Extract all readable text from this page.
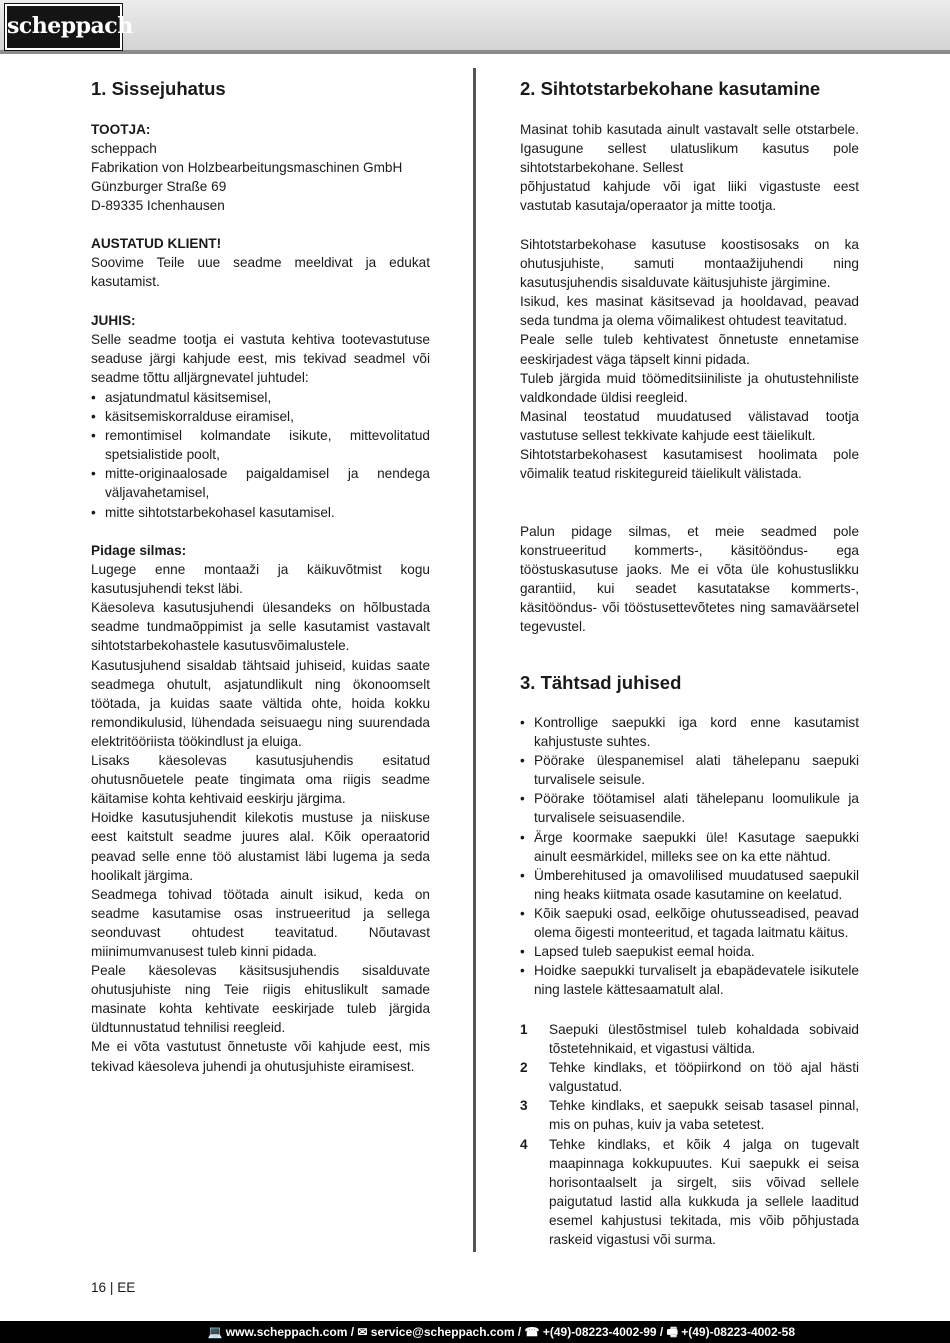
scheppach
1. Sissejuhatus

TOOTJA:
scheppach
Fabrikation von Holzbearbeitungsmaschinen GmbH
Günzburger Straße 69
D-89335 Ichenhausen

AUSTATUD KLIENT!
Soovime Teile uue seadme meeldivat ja edukat kasutamist.

JUHIS:
Selle seadme tootja ei vastuta kehtiva tootevastutuse seaduse järgi kahjude eest, mis tekivad seadmel või seadme tõttu alljärgnevatel juhtudel:

• asjatundmatul käsitsemisel,
• käsitsemiskorralduse eiramisel,
• remontimisel kolmandate isikute, mittevolitatud spetsialistide poolt,
• mitte-originaalosade paigaldamisel ja nendega väljavahetamisel,
• mitte sihtotstarbekohasel kasutamisel.

Pidage silmas:
Lugege enne montaaži ja käikuvõtmist kogu kasutusjuhendi tekst läbi.
Käesoleva kasutusjuhendi ülesandeks on hõlbustada seadme tundmaõppimist ja selle kasutamist vastavalt sihtotstarbekohastele kasutusvõimalustele.
Kasutusjuhend sisaldab tähtsaid juhiseid, kuidas saate seadmega ohutult, asjatundlikult ning ökonoomselt töötada, ja kuidas saate vältida ohte, hoida kokku remondikulusid, lühendada seisuaegu ning suurendada elektritööriista töökindlust ja eluiga.
Lisaks käesolevas kasutusjuhendis esitatud ohutusnõuetele peate tingimata oma riigis seadme käitamise kohta kehtivaid eeskirju järgima.
Hoidke kasutusjuhendit kilekotis mustuse ja niiskuse eest kaitstult seadme juures alal. Kõik operaatorid peavad selle enne töö alustamist läbi lugema ja seda hoolikalt järgima.
Seadmega tohivad töötada ainult isikud, keda on seadme kasutamise osas instrueeritud ja sellega seonduvast ohtudest teavitatud. Nõutavast miinimumvanusest tuleb kinni pidada.
Peale käesolevas käsitsusjuhendis sisalduvate ohutusjuhiste ning Teie riigis ehituslikult samade masinate kohta kehtivate eeskirjade tuleb järgida üldtunnustatud tehnilisi reegleid.
Me ei võta vastutust õnnetuste või kahjude eest, mis tekivad käesoleva juhendi ja ohutusjuhiste eiramisest.

2. Sihtotstarbekohane kasutamine

Masinat tohib kasutada ainult vastavalt selle otstarbele. Igasugune sellest ulatuslikum kasutus pole sihtotstarbekohane. Sellest
põhjustatud kahjude või igat liiki vigastuste eest vastutab kasutaja/operaator ja mitte tootja.

Sihtotstarbekohase kasutuse koostisosaks on ka ohutusjuhiste, samuti montaažijuhendi ning kasutusjuhendis sisalduvate käitusjuhiste järgimine.
Isikud, kes masinat käsitsevad ja hooldavad, peavad seda tundma ja olema võimalikest ohtudest teavitatud.
Peale selle tuleb kehtivatest õnnetuste ennetamise eeskirjadest väga täpselt kinni pidada.
Tuleb järgida muid töömeditsiiniliste ja ohutustehniliste valdkondade üldisi reegleid.
Masinal teostatud muudatused välistavad tootja vastutuse sellest tekkivate kahjude eest täielikult.
Sihtotstarbekohasest kasutamisest hoolimata pole võimalik teatud riskitegureid täielikult välistada.

Palun pidage silmas, et meie seadmed pole konstrueeritud kommerts-, käsitööndus- ega tööstuskasutuse jaoks. Me ei võta üle kohustuslikku garantiid, kui seadet kasutatakse kommerts-, käsitööndus- või tööstusettevõtetes ning samaväärsetel tegevustel.

3. Tähtsad juhised
• Kontrollige saepukki iga kord enne kasutamist kahjustuste suhtes.
• Pöörake ülespanemisel alati tähelepanu saepuki turvalisele seisule.
• Pöörake töötamisel alati tähelepanu loomulikule ja turvalisele seisuasendile.
• Ärge koormake saepukki üle! Kasutage saepukki ainult eesmärkidel, milleks see on ka ette nähtud.
• Ümberehitused ja omavolilised muudatused saepukil ning heaks kiitmata osade kasutamine on keelatud.
• Kõik saepuki osad, eelkõige ohutusseadised, peavad olema õigesti monteeritud, et tagada laitmatu käitus.
• Lapsed tuleb saepukist eemal hoida.
• Hoidke saepukki turvaliselt ja ebapädevatele isikutele ning lastele kättesaamatult alal.
1 Saepuki ülestõstmisel tuleb kohaldada sobivaid tõstetehnikaid, et vigastusi vältida.
2 Tehke kindlaks, et tööpiirkond on töö ajal hästi valgustatud.
3 Tehke kindlaks, et saepukk seisab tasasel pinnal, mis on puhas, kuiv ja vaba setetest.
4 Tehke kindlaks, et kõik 4 jalga on tugevalt maapinnaga kokkupuutes. Kui saepukk ei seisa horisontaalselt ja sirgelt, siis võivad sellele paigutatud lastid alla kukkuda ja sellele laaditud esemel kahjustusi tekitada, mis võib põhjustada raskeid vigastusi või surma.
16 | EE
💻 www.scheppach.com / ✉ service@scheppach.com / ☎ +(49)-08223-4002-99 / 🖷 +(49)-08223-4002-58
